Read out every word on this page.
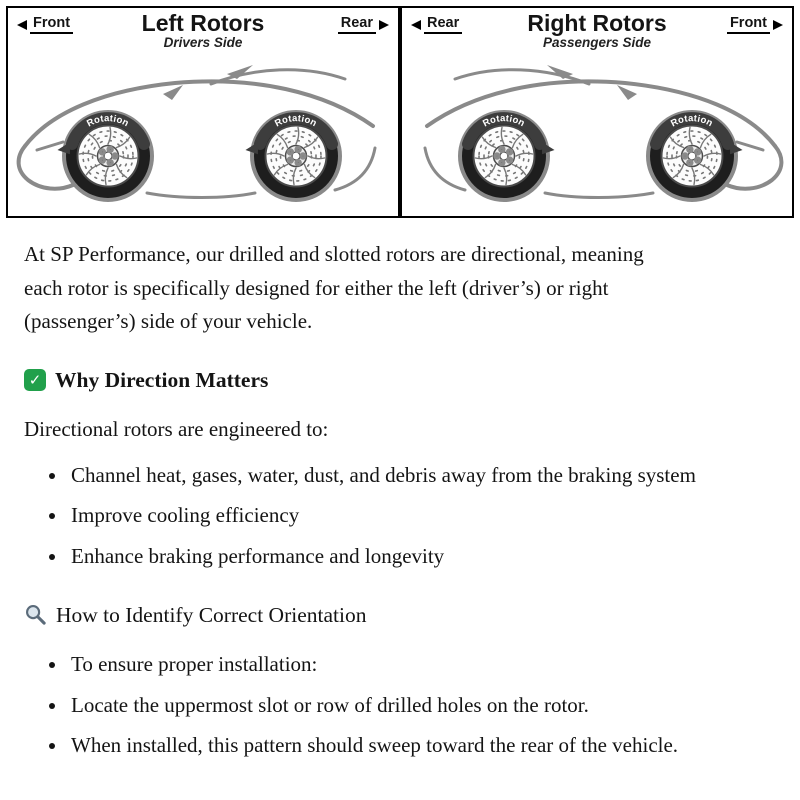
Front	Rear
Left Rotors
Drivers Side
Rotation	Rotation
Rear	Front
Right Rotors
Passengers Side
Rotation	Rotation

At SP Performance, our drilled and slotted rotors are directional, meaning each rotor is specifically designed for either the left (driver’s) or right (passenger’s) side of your vehicle.

✓ Why Direction Matters

Directional rotors are engineered to:

• Channel heat, gases, water, dust, and debris away from the braking system
• Improve cooling efficiency
• Enhance braking performance and longevity
How to Identify Correct Orientation
• To ensure proper installation:
• Locate the uppermost slot or row of drilled holes on the rotor.
• When installed, this pattern should sweep toward the rear of the vehicle.
